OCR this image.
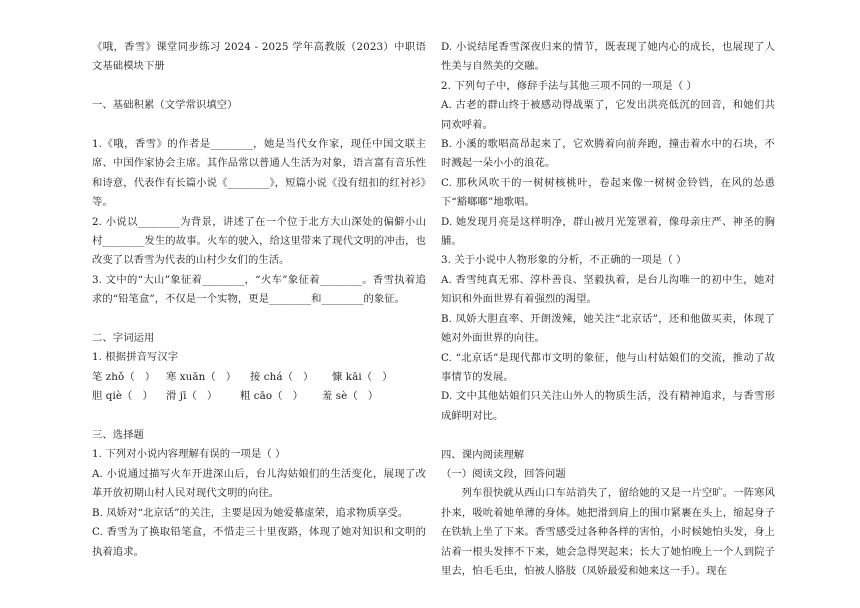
《哦，香雪》课堂同步练习 2024 - 2025 学年高教版（2023）中职语文基础模块下册

一、基础积累（文学常识填空）

1.《哦，香雪》的作者是________，她是当代女作家，现任中国文联主席、中国作家协会主席。其作品常以普通人生活为对象，语言富有音乐性和诗意，代表作有长篇小说《________》，短篇小说《没有纽扣的红衬衫》等。

2. 小说以________为背景，讲述了在一个位于北方大山深处的偏僻小山村________发生的故事。火车的驶入，给这里带来了现代文明的冲击，也改变了以香雪为代表的山村少女们的生活。

3. 文中的“大山”象征着________，“火车”象征着________。香雪执着追求的“铅笔盒”，不仅是一个实物，更是________和________的象征。

二、字词运用

1. 根据拼音写汉字

笔 zhǒ（   ）	寒 xuān（   ）	接 chá（   ）	慷 kāi（   ）
胆 qiè（   ）	滑 jī（   ）	粗 cāo（   ）	羞 sè（   ）

三、选择题

1. 下列对小说内容理解有误的一项是（ ）

A. 小说通过描写火车开进深山后，台儿沟姑娘们的生活变化，展现了改革开放初期山村人民对现代文明的向往。

B. 凤娇对“北京话”的关注，主要是因为她爱慕虚荣，追求物质享受。

C. 香雪为了换取铅笔盒，不惜走三十里夜路，体现了她对知识和文明的执着追求。

D. 小说结尾香雪深夜归来的情节，既表现了她内心的成长，也展现了人性美与自然美的交融。

2. 下列句子中，修辞手法与其他三项不同的一项是（ ）

A. 古老的群山终于被感动得战栗了，它发出洪亮低沉的回音，和她们共同欢呼着。

B. 小溪的歌唱高昂起来了，它欢腾着向前奔跑，撞击着水中的石块，不时溅起一朵小小的浪花。

C. 那秋风吹干的一树树核桃叶，卷起来像一树树金铃铛，在风的怂恿下“豁啷啷”地歌唱。

D. 她发现月亮是这样明净，群山被月光笼罩着，像母亲庄严、神圣的胸脯。

3. 关于小说中人物形象的分析，不正确的一项是（ ）

A. 香雪纯真无邪、淳朴善良、坚毅执着，是台儿沟唯一的初中生，她对知识和外面世界有着强烈的渴望。

B. 凤娇大胆直率、开朗泼辣，她关注“北京话”，还和他做买卖，体现了她对外面世界的向往。

C. “北京话”是现代都市文明的象征，他与山村姑娘们的交流，推动了故事情节的发展。

D. 文中其他姑娘们只关注山外人的物质生活，没有精神追求，与香雪形成鲜明对比。

四、课内阅读理解

（一）阅读文段，回答问题

列车很快就从西山口车站消失了，留给她的又是一片空旷。一阵寒风扑来，吸吮着她单薄的身体。她把滑到肩上的围巾紧裹在头上，缩起身子在铁轨上坐了下来。香雪感受过各种各样的害怕，小时候她怕头发，身上沾着一根头发摔不下来，她会急得哭起来；长大了她怕晚上一个人到院子里去，怕毛毛虫，怕被人胳肢（凤娇最爱和她来这一手）。现在
